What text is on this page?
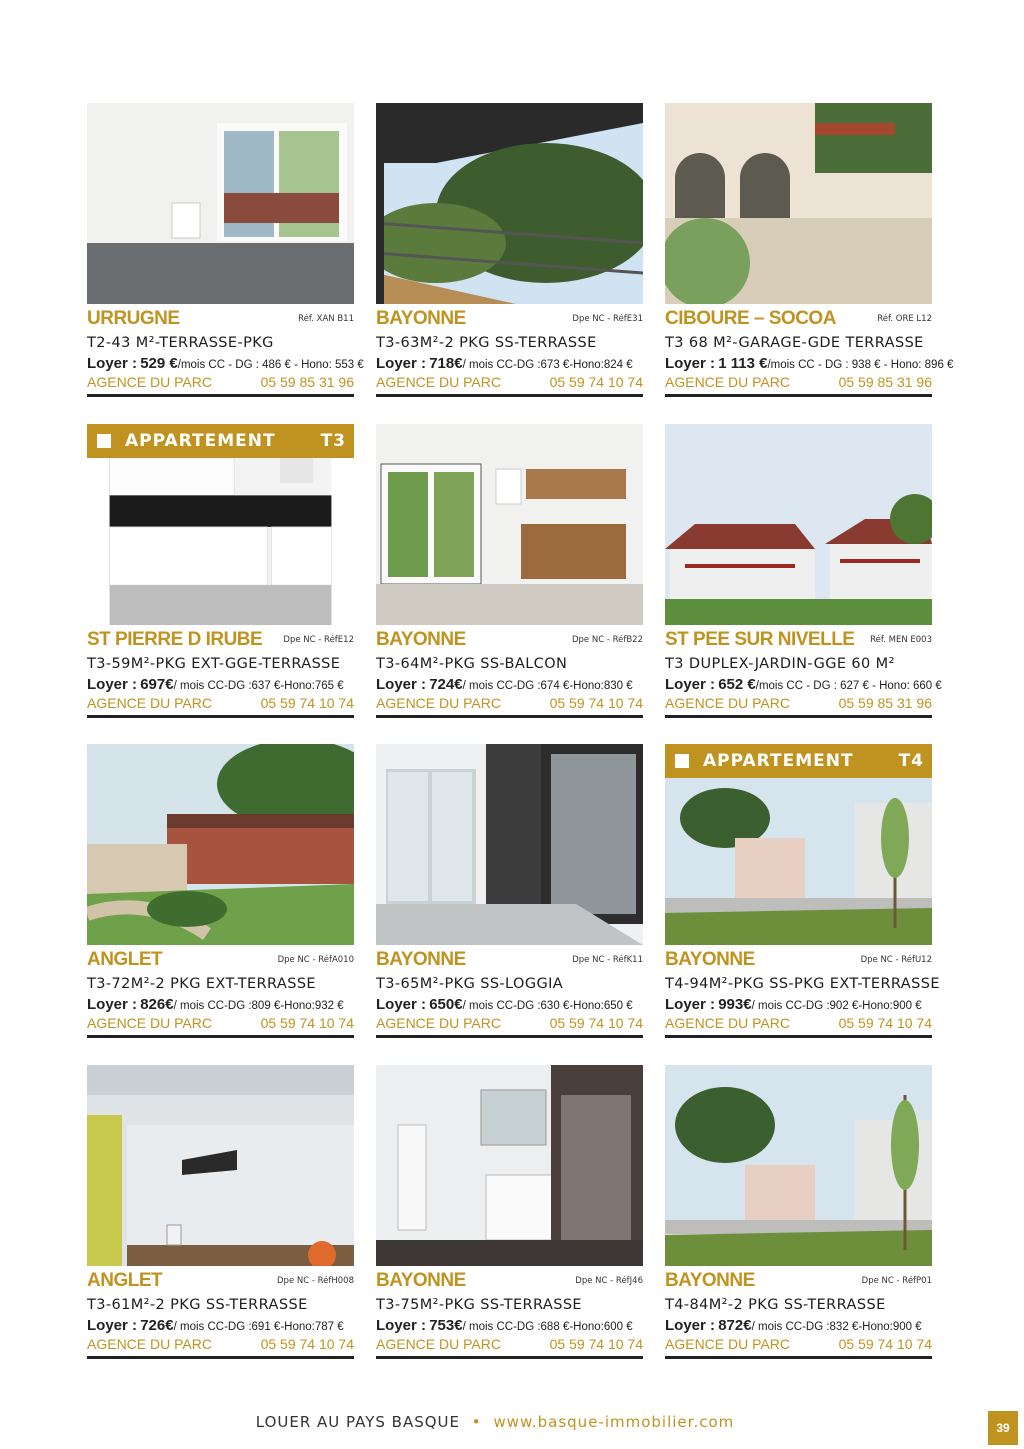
URRUGNE	Réf. XAN B11
T2-43 M²-TERRASSE-PKG
Loyer : 529 €/mois CC - DG : 486 € - Hono: 553 €
AGENCE DU PARC	05 59 85 31 96
BAYONNE	Dpe NC - RéfE31
T3-63M²-2 PKG SS-TERRASSE
Loyer : 718€/ mois CC-DG :673 €-Hono:824 €
AGENCE DU PARC	05 59 74 10 74
CIBOURE – SOCOA	Réf. ORE L12
T3 68 M²-GARAGE-GDE TERRASSE
Loyer : 1 113 €/mois CC - DG : 938 € - Hono: 896 €
AGENCE DU PARC	05 59 85 31 96
APPARTEMENT	T3
ST PIERRE D IRUBE Dpe NC - RéfE12
T3-59M²-PKG EXT-GGE-TERRASSE
Loyer : 697€/ mois CC-DG :637 €-Hono:765 €
AGENCE DU PARC	05 59 74 10 74
BAYONNE	Dpe NC - RéfB22
T3-64M²-PKG SS-BALCON
Loyer : 724€/ mois CC-DG :674 €-Hono:830 €
AGENCE DU PARC	05 59 74 10 74
ST PEE SUR NIVELLE Réf. MEN E003
T3 DUPLEX-JARDIN-GGE 60 M²
Loyer : 652 €/mois CC - DG : 627 € - Hono: 660 €
AGENCE DU PARC	05 59 85 31 96
ANGLET	Dpe NC - RéfA010
T3-72M²-2 PKG EXT-TERRASSE
Loyer : 826€/ mois CC-DG :809 €-Hono:932 €
AGENCE DU PARC	05 59 74 10 74
BAYONNE	Dpe NC - RéfK11
T3-65M²-PKG SS-LOGGIA
Loyer : 650€/ mois CC-DG :630 €-Hono:650 €
AGENCE DU PARC	05 59 74 10 74
APPARTEMENT	T4
BAYONNE	Dpe NC - RéfU12
T4-94M²-PKG SS-PKG EXT-TERRASSE
Loyer : 993€/ mois CC-DG :902 €-Hono:900 €
AGENCE DU PARC	05 59 74 10 74
ANGLET	Dpe NC - RéfH008
T3-61M²-2 PKG SS-TERRASSE
Loyer : 726€/ mois CC-DG :691 €-Hono:787 €
AGENCE DU PARC	05 59 74 10 74
BAYONNE	Dpe NC - RéfJ46
T3-75M²-PKG SS-TERRASSE
Loyer : 753€/ mois CC-DG :688 €-Hono:600 €
AGENCE DU PARC	05 59 74 10 74
BAYONNE	Dpe NC - RéfP01
T4-84M²-2 PKG SS-TERRASSE
Loyer : 872€/ mois CC-DG :832 €-Hono:900 €
AGENCE DU PARC	05 59 74 10 74
LOUER AU PAYS BASQUE • www.basque-immobilier.com	39
